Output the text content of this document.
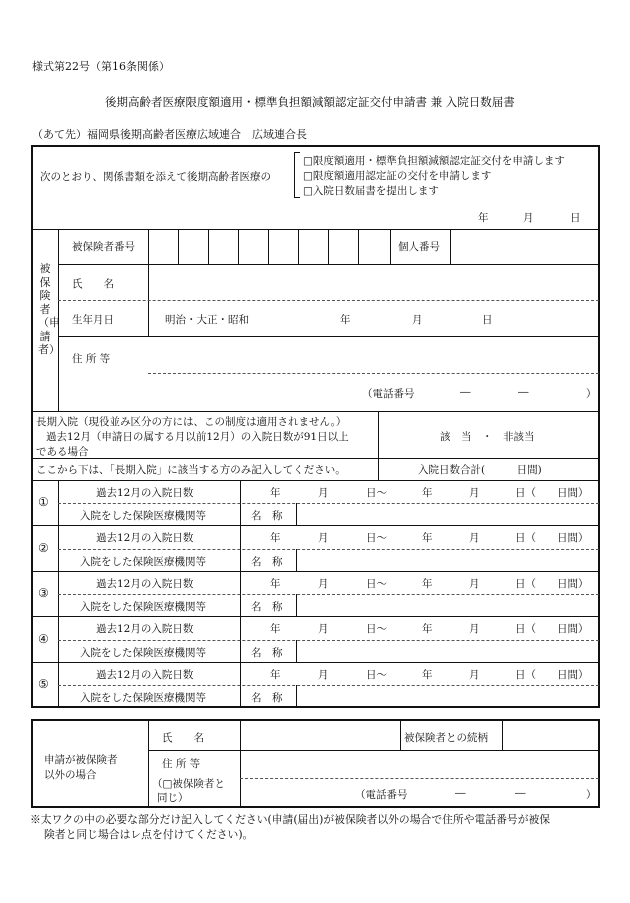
様式第22号（第16条関係）
後期高齢者医療限度額適用・標準負担額減額認定証交付申請書 兼 入院日数届書
（あて先）福岡県後期高齢者医療広域連合　広域連合長
次のとおり、関係書類を添えて後期高齢者医療の
□限度額適用・標準負担額減額認定証交付を申請します
□限度額適用認定証の交付を申請します
□入院日数届書を提出します
年	月	日
被保険者（申請者）
被保険者番号	個人番号
氏　　名
生年月日	明治・大正・昭和	年	月	日
住 所 等
（電話番号	―	―	）
長期入院（現役並み区分の方には、この制度は適用されません。）
過去12月（申請日の属する月以前12月）の入院日数が91日以上
である場合
該　当　・　非該当
ここから下は、「長期入院」に該当する方のみ記入してください。	入院日数合計(　　　日間)
①
過去12月の入院日数	年	月	日～	年	月	日（ 日間）
入院をした保険医療機関等	名　称
②
過去12月の入院日数	年	月	日～	年	月	日（ 日間）
入院をした保険医療機関等	名　称
③
過去12月の入院日数	年	月	日～	年	月	日（ 日間）
入院をした保険医療機関等	名　称
④
過去12月の入院日数	年	月	日～	年	月	日（ 日間）
入院をした保険医療機関等	名　称
⑤
過去12月の入院日数	年	月	日～	年	月	日（ 日間）
入院をした保険医療機関等	名　称
申請が被保険者
以外の場合
氏　　名	被保険者との続柄
住 所 等
（□被保険者と
同じ）	（電話番号	―	―	）
※太ワクの中の必要な部分だけ記入してください(申請(届出)が被保険者以外の場合で住所や電話番号が被保
険者と同じ場合はレ点を付けてください)。
